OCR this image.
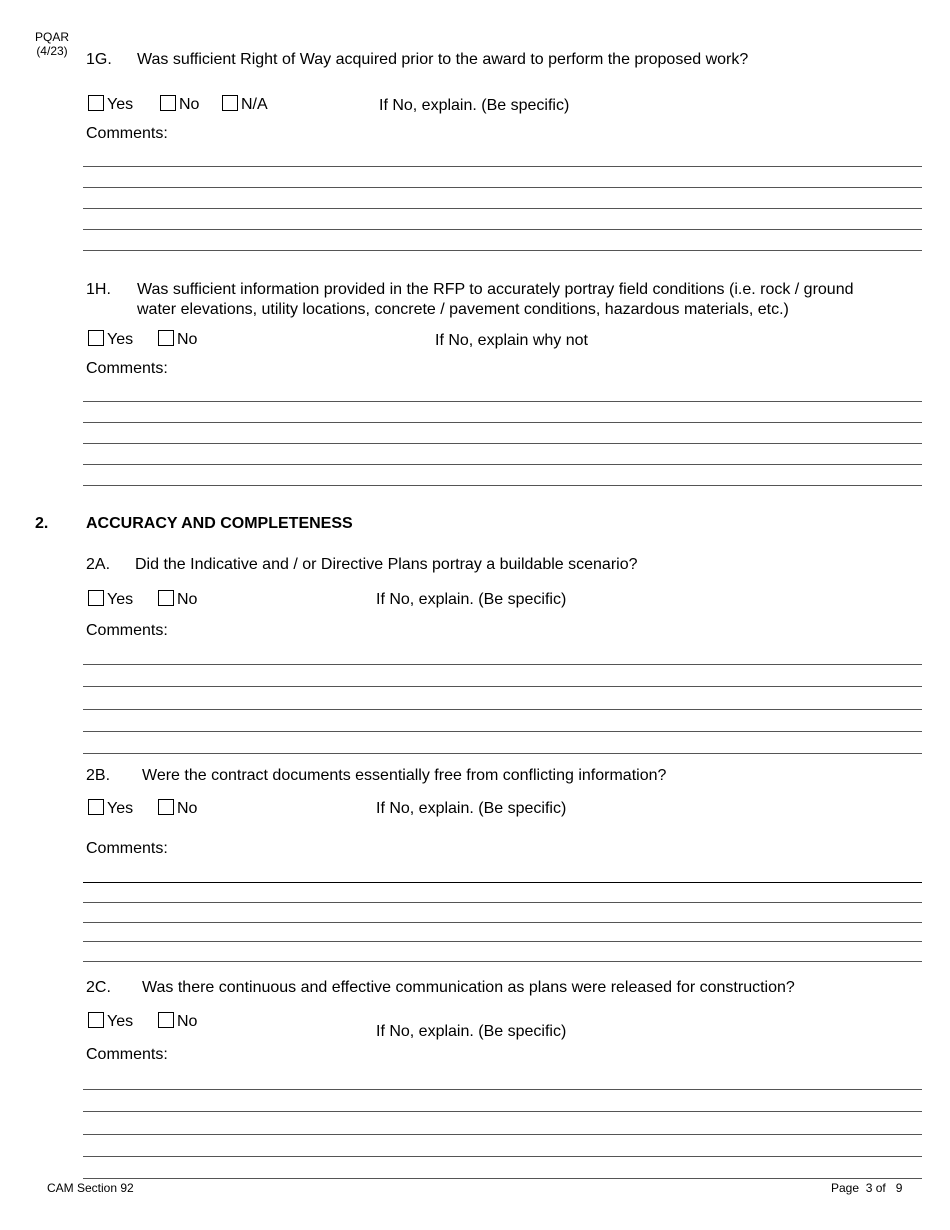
PQAR
(4/23) 1G. Was sufficient Right of Way acquired prior to the award to perform the proposed work?
Yes	No	N/A	If No, explain. (Be specific)
Comments:
1H. Was sufficient information provided in the RFP to accurately portray field conditions (i.e. rock / ground
water elevations, utility locations, concrete / pavement conditions, hazardous materials, etc.)
Yes	No	If No, explain why not
Comments:
2. ACCURACY AND COMPLETENESS
2A. Did the Indicative and / or Directive Plans portray a buildable scenario?
Yes	No	If No, explain. (Be specific)
Comments:
2B. Were the contract documents essentially free from conflicting information?
Yes	No	If No, explain. (Be specific)
Comments:
2C. Was there continuous and effective communication as plans were released for construction?
Yes	No
If No, explain. (Be specific)
Comments:
CAM Section 92	Page  3 of   9
